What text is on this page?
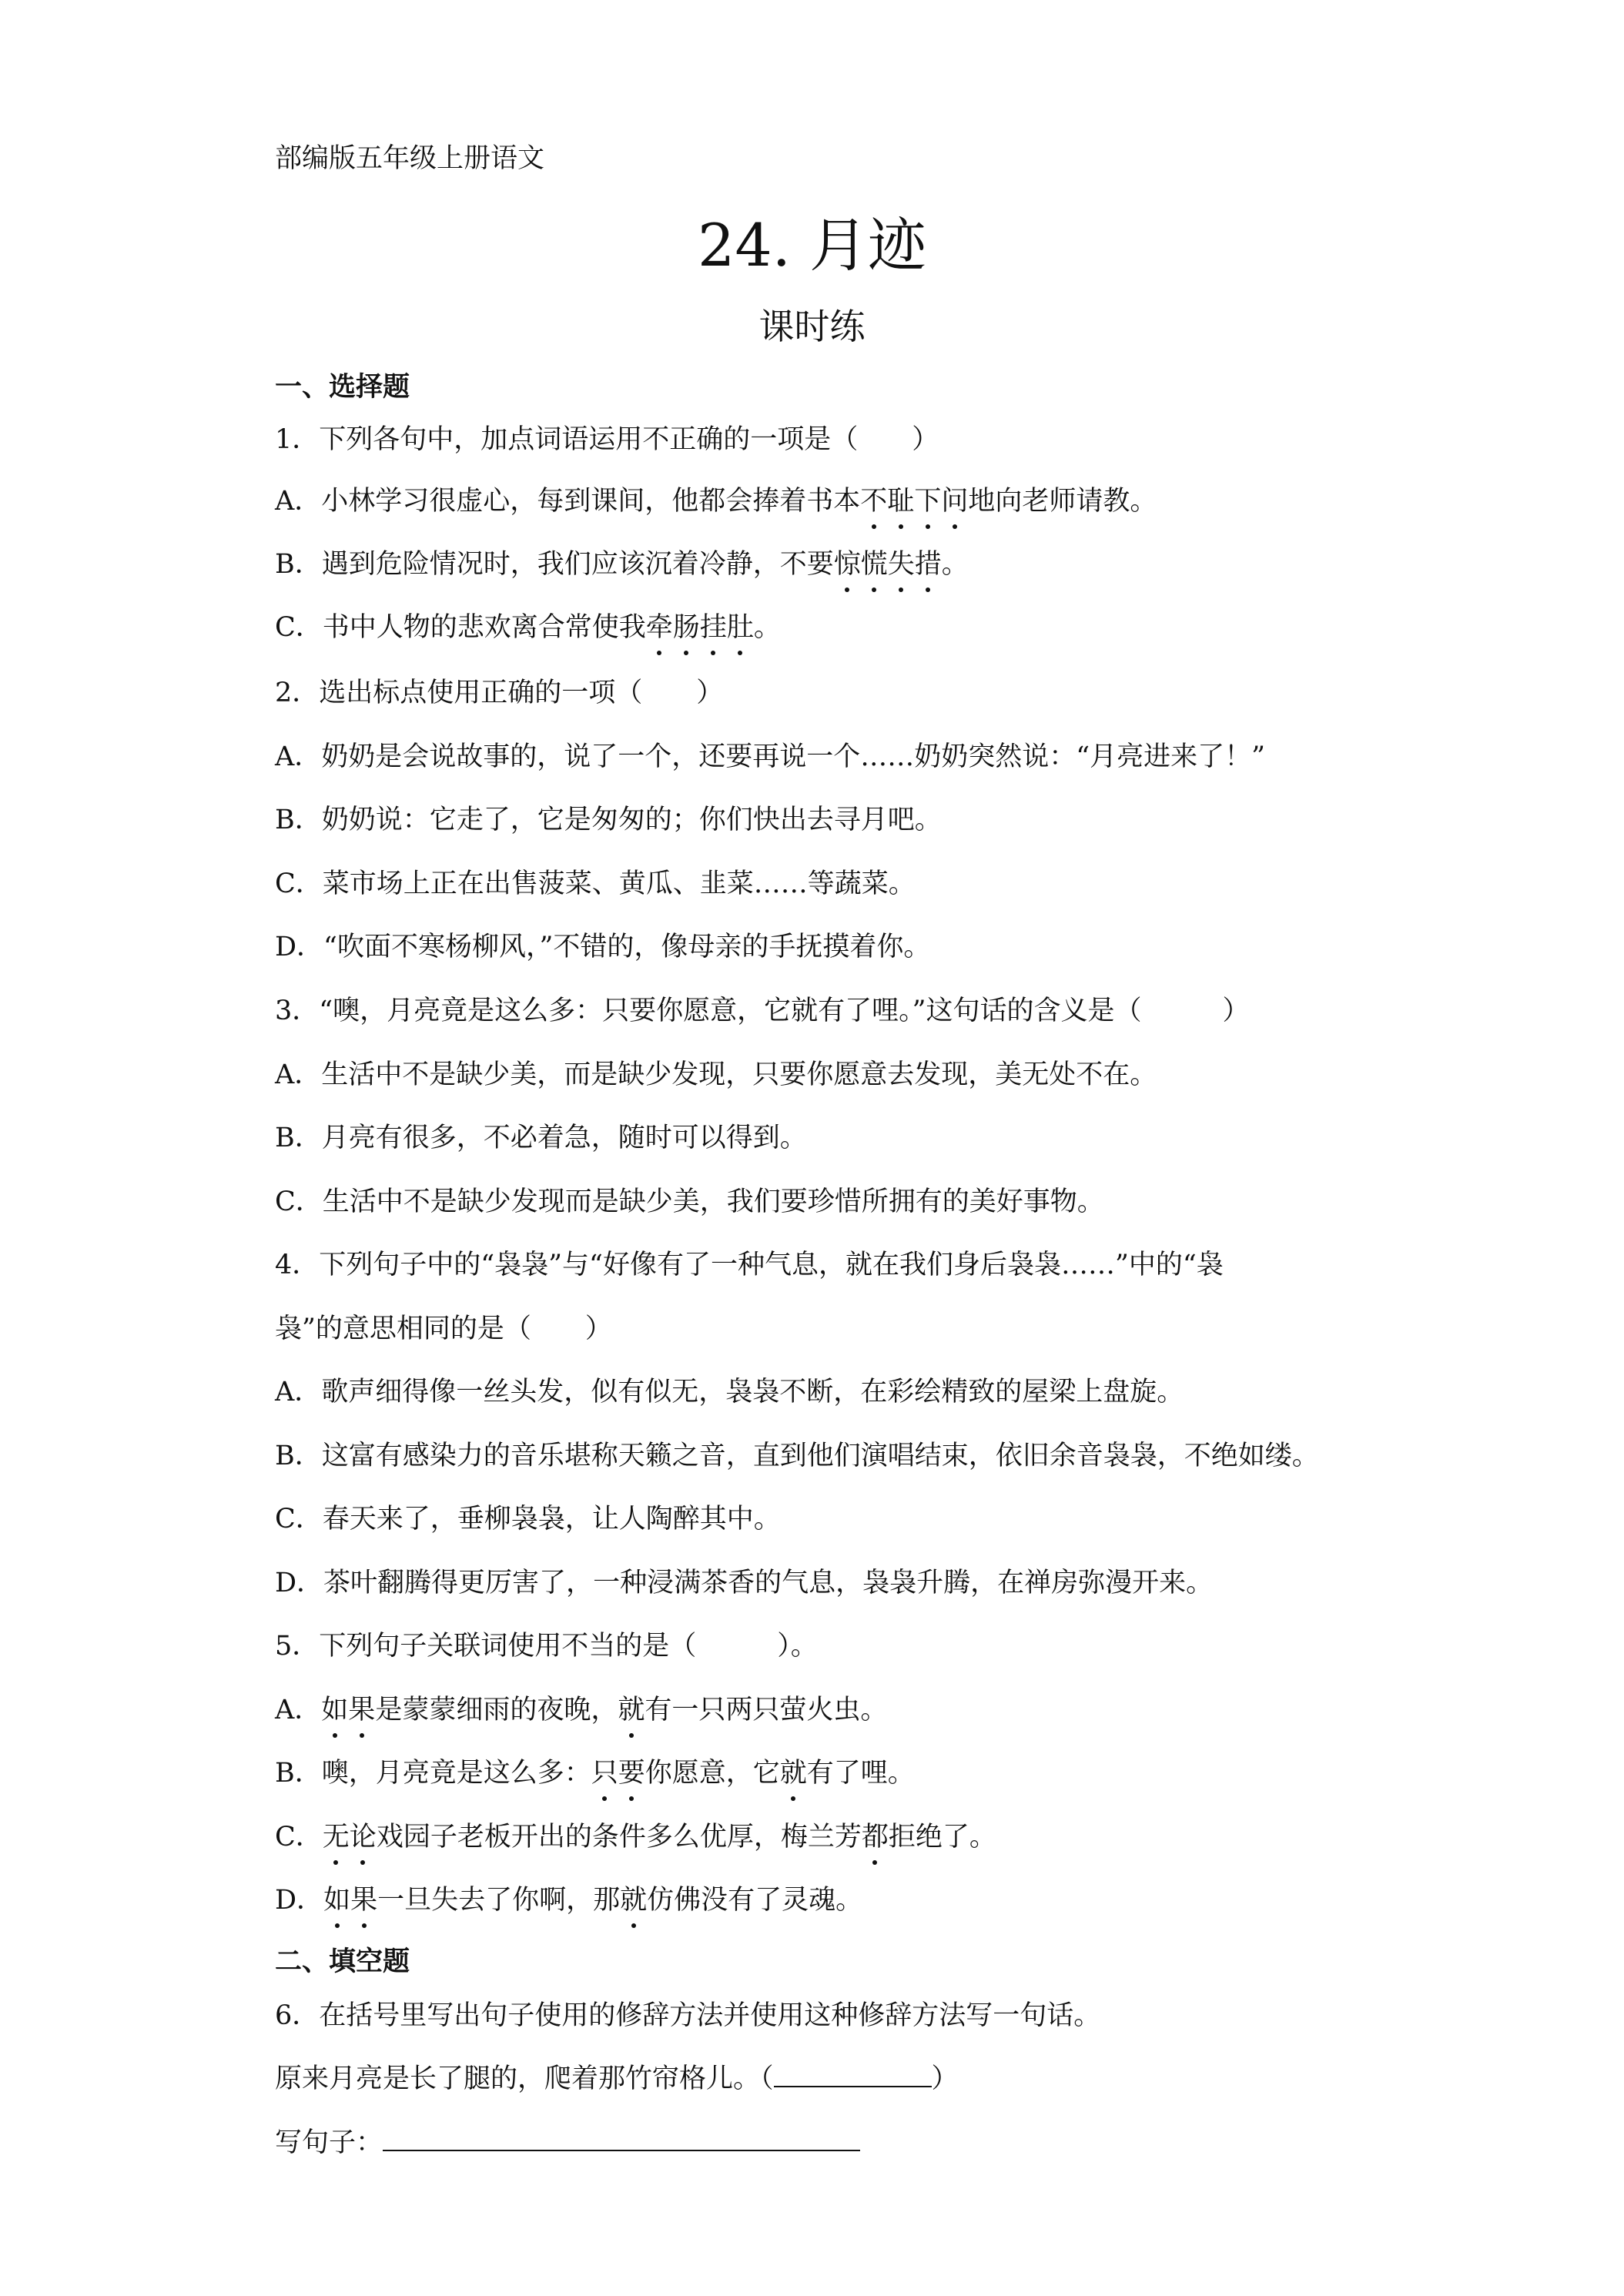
部编版五年级上册语文
24. 月迹
课时练
一、选择题
1．下列各句中，加点词语运用不正确的一项是（　　）
A．小林学习很虚心，每到课间，他都会捧着书本不耻下问地向老师请教。
B．遇到危险情况时，我们应该沉着冷静，不要惊慌失措。
C．书中人物的悲欢离合常使我牵肠挂肚。
2．选出标点使用正确的一项（　　）
A．奶奶是会说故事的，说了一个，还要再说一个……奶奶突然说：“月亮进来了！”
B．奶奶说：它走了，它是匆匆的；你们快出去寻月吧。
C．菜市场上正在出售菠菜、黄瓜、韭菜……等蔬菜。
D．“吹面不寒杨柳风，”不错的，像母亲的手抚摸着你。
3．“噢，月亮竟是这么多：只要你愿意，它就有了哩。”这句话的含义是（　　　）
A．生活中不是缺少美，而是缺少发现，只要你愿意去发现，美无处不在。
B．月亮有很多，不必着急，随时可以得到。
C．生活中不是缺少发现而是缺少美，我们要珍惜所拥有的美好事物。
4．下列句子中的“袅袅”与“好像有了一种气息，就在我们身后袅袅……”中的“袅
袅”的意思相同的是（　　）
A．歌声细得像一丝头发，似有似无，袅袅不断，在彩绘精致的屋梁上盘旋。
B．这富有感染力的音乐堪称天籁之音，直到他们演唱结束，依旧余音袅袅，不绝如缕。
C．春天来了，垂柳袅袅，让人陶醉其中。
D．茶叶翻腾得更厉害了，一种浸满茶香的气息，袅袅升腾，在禅房弥漫开来。
5．下列句子关联词使用不当的是（　　　）。
A．如果是蒙蒙细雨的夜晚，就有一只两只萤火虫。
B．噢，月亮竟是这么多：只要你愿意，它就有了哩。
C．无论戏园子老板开出的条件多么优厚，梅兰芳都拒绝了。
D．如果一旦失去了你啊，那就仿佛没有了灵魂。
二、填空题
6．在括号里写出句子使用的修辞方法并使用这种修辞方法写一句话。
原来月亮是长了腿的，爬着那竹帘格儿。（	）
写句子：
